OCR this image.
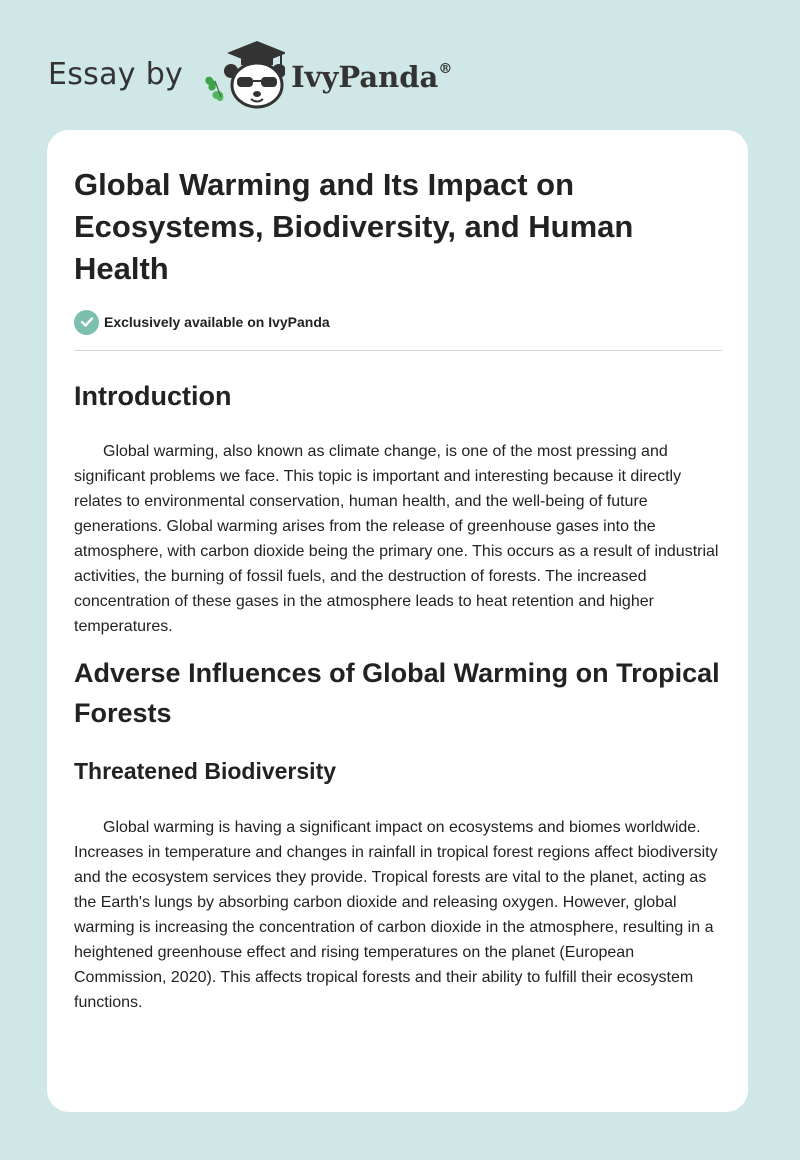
Essay by	IvyPanda®
Global Warming and Its Impact on Ecosystems, Biodiversity, and Human Health
Exclusively available on IvyPanda
Introduction

Global warming, also known as climate change, is one of the most pressing and significant problems we face. This topic is important and interesting because it directly relates to environmental conservation, human health, and the well-being of future generations. Global warming arises from the release of greenhouse gases into the atmosphere, with carbon dioxide being the primary one. This occurs as a result of industrial activities, the burning of fossil fuels, and the destruction of forests. The increased concentration of these gases in the atmosphere leads to heat retention and higher temperatures.

Adverse Influences of Global Warming on Tropical Forests
Threatened Biodiversity

Global warming is having a significant impact on ecosystems and biomes worldwide. Increases in temperature and changes in rainfall in tropical forest regions affect biodiversity and the ecosystem services they provide. Tropical forests are vital to the planet, acting as the Earth's lungs by absorbing carbon dioxide and releasing oxygen. However, global warming is increasing the concentration of carbon dioxide in the atmosphere, resulting in a heightened greenhouse effect and rising temperatures on the planet (European Commission, 2020). This affects tropical forests and their ability to fulfill their ecosystem functions.
